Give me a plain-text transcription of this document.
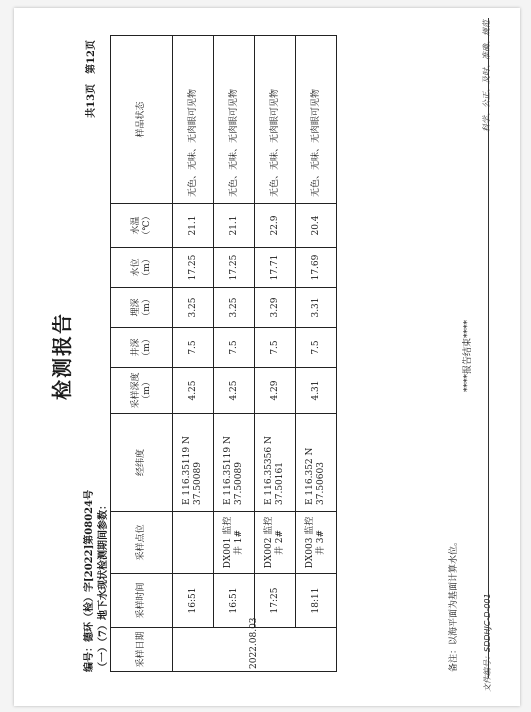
文件编号：SDDHJC-D-001
科学、公正、及时、准确、规范
检测报告
编号：德环（检）字[2022]第08024号
共13页　第12页
（一）（7）地下水现状检测期间参数：	采样日期	采样时间	采样点位	经纬度	采样深度（m）	井深（m）	埋深（m）	水位（m）	水温（℃）	样品状态
2022.08.03	16:51		E 116.35119 N 37.50089	4.25	7.5	3.25	17.25	21.1	无色、无味、无肉眼可见物
	16:51	DX001 监控井 1#	E 116.35119 N 37.50089	4.25	7.5	3.25	17.25	21.1	无色、无味、无肉眼可见物
	17:25	DX002 监控井 2#	E 116.35356 N 37.50161	4.29	7.5	3.29	17.71	22.9	无色、无味、无肉眼可见物
	18:11	DX003 监控井 3#	E 116.352 N 37.50603	4.31	7.5	3.31	17.69	20.4	无色、无味、无肉眼可见物
备注：以海平面为基面计算水位。
****报告结束****
